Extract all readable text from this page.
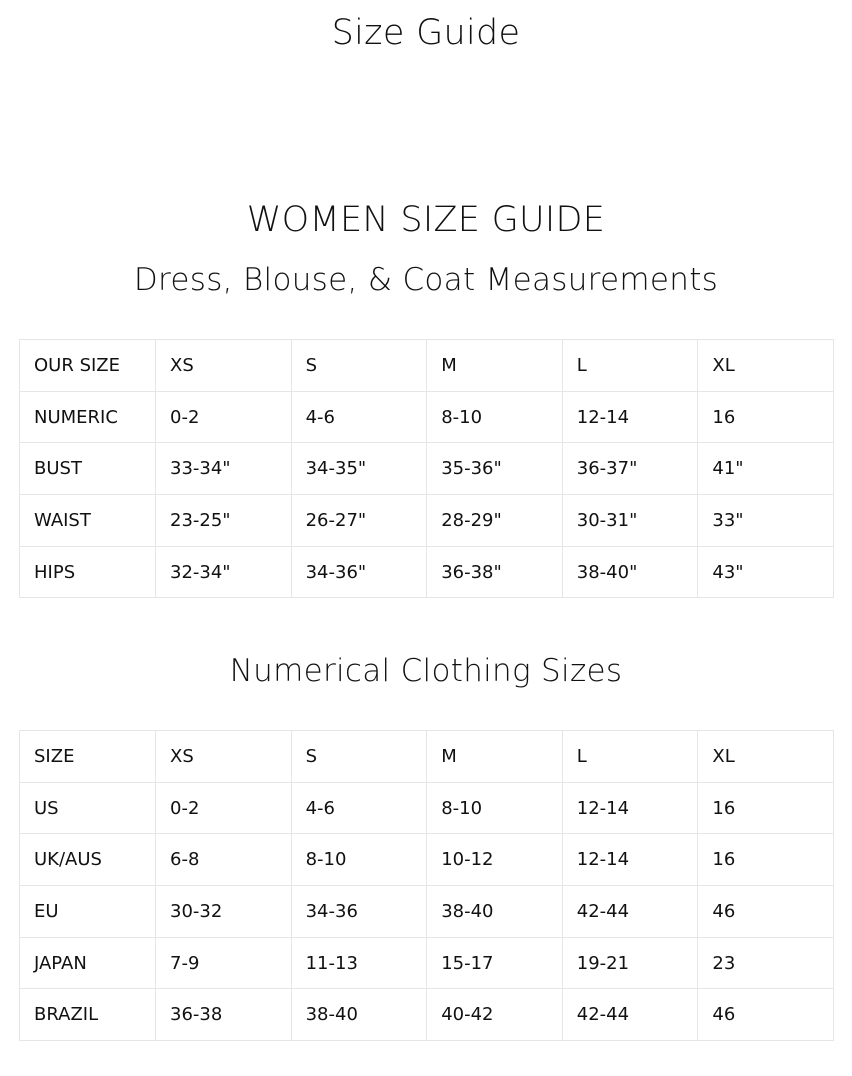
Size Guide
WOMEN SIZE GUIDE
Dress, Blouse, & Coat Measurements
OUR SIZE	XS	S	M	L	XL
NUMERIC	0-2	4-6	8-10	12-14	16
BUST	33-34"	34-35"	35-36"	36-37"	41"
WAIST	23-25"	26-27"	28-29"	30-31"	33"
HIPS	32-34"	34-36"	36-38"	38-40"	43"
Numerical Clothing Sizes
SIZE	XS	S	M	L	XL
US	0-2	4-6	8-10	12-14	16
UK/AUS	6-8	8-10	10-12	12-14	16
EU	30-32	34-36	38-40	42-44	46
JAPAN	7-9	11-13	15-17	19-21	23
BRAZIL	36-38	38-40	40-42	42-44	46
